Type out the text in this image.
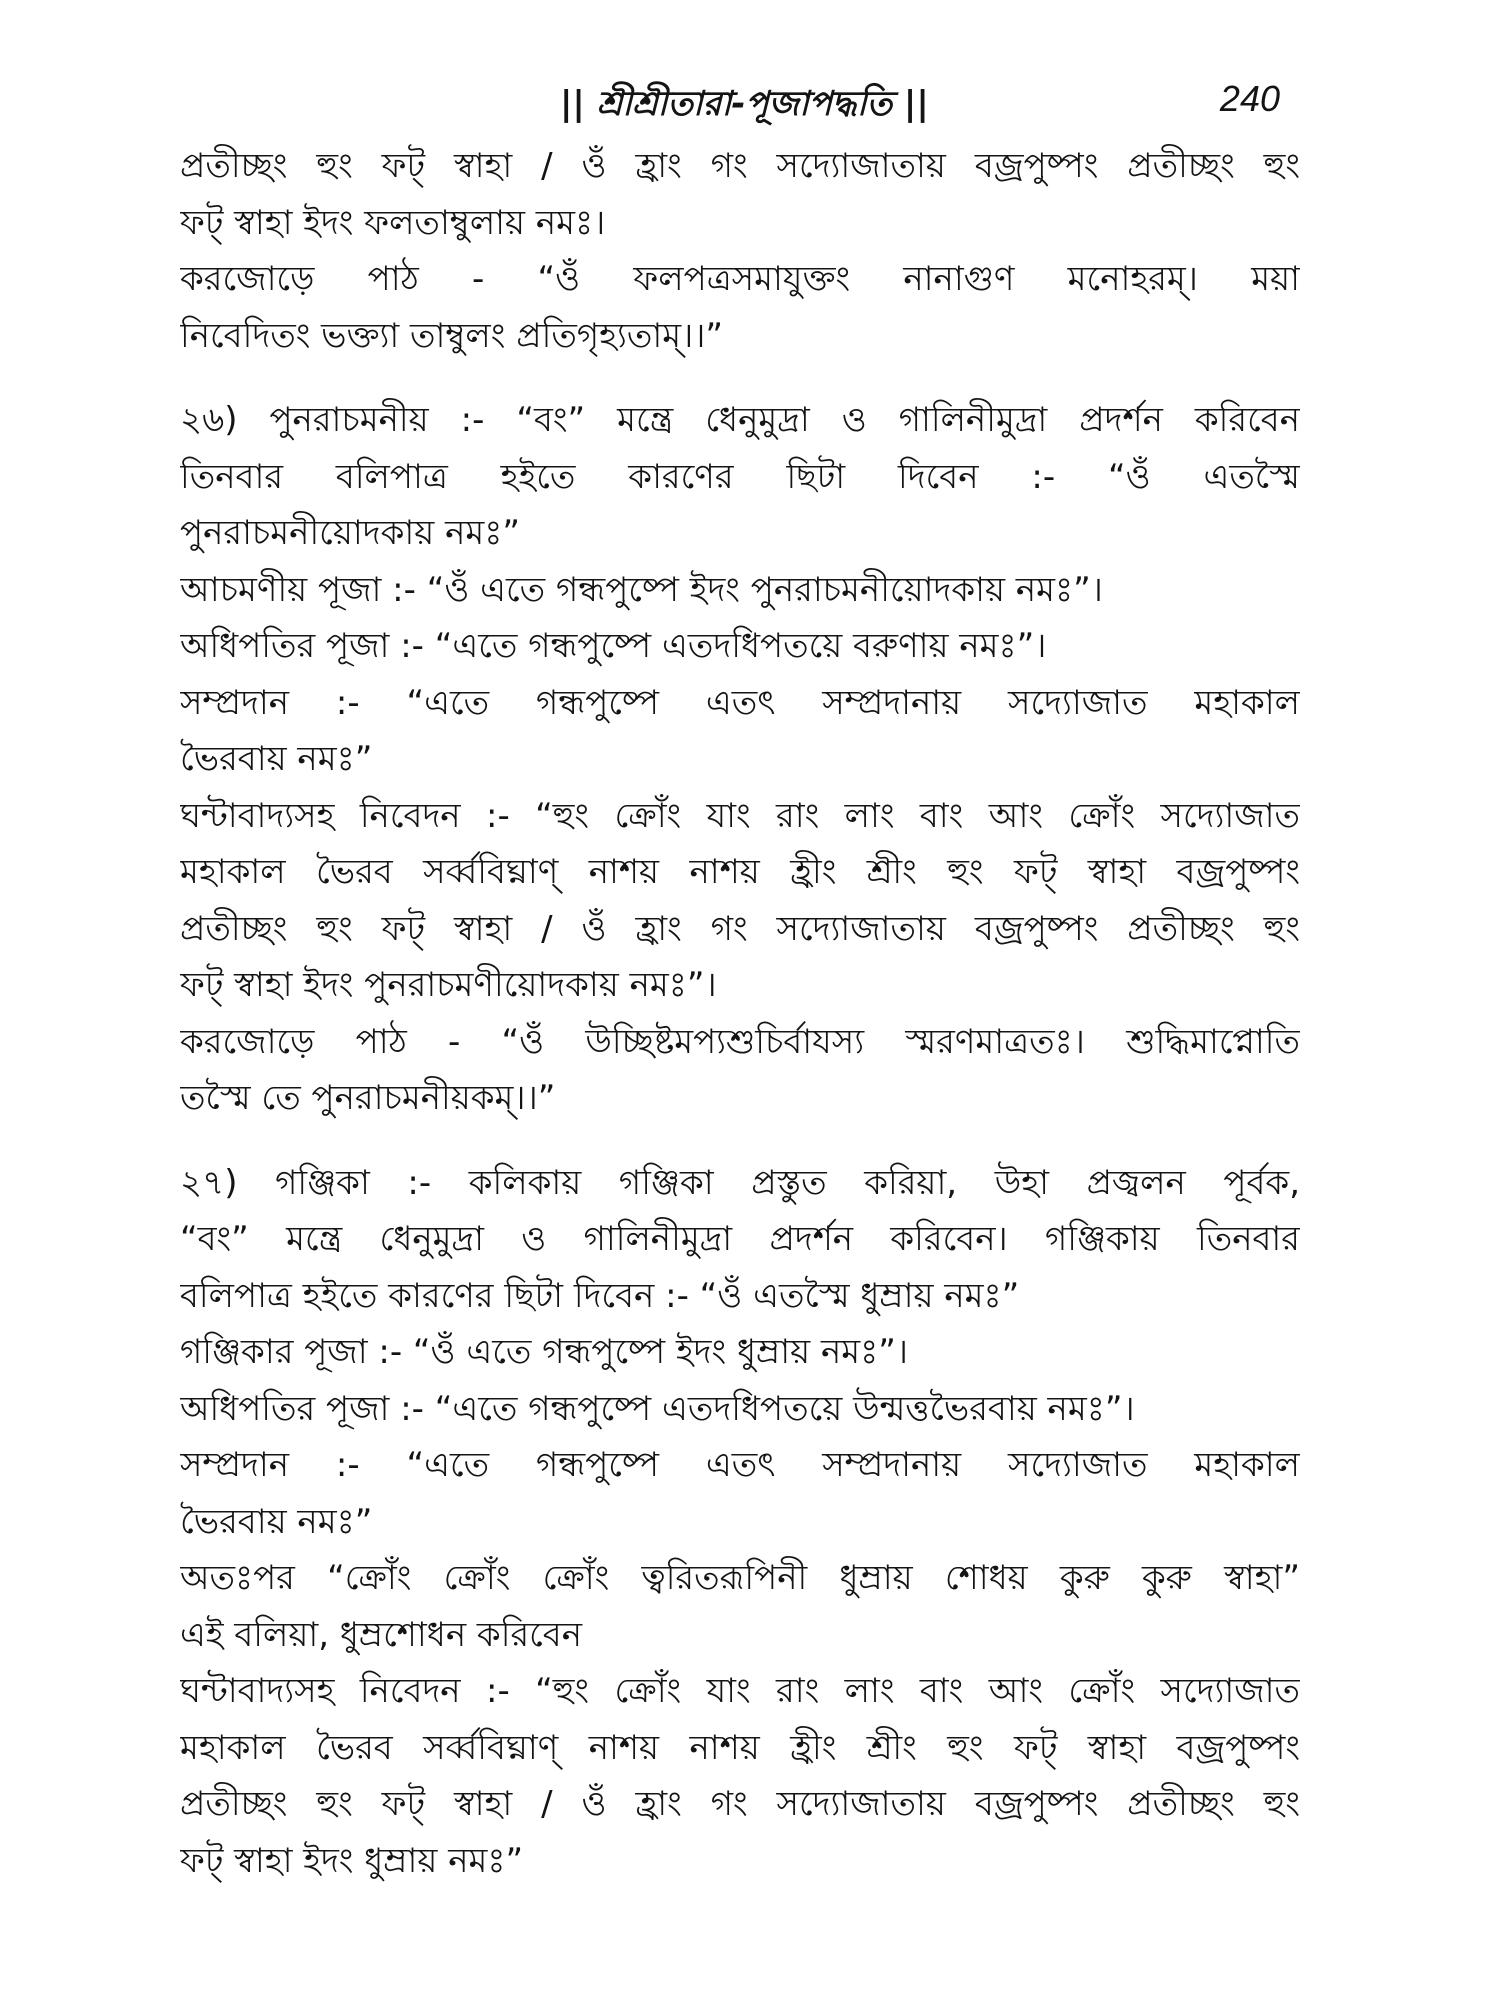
|| শ্রীশ্রীতারা-পূজাপদ্ধতি ||	240
প্রতীচ্ছং হুং ফট্ স্বাহা / ওঁ হ্রাং গং সদ্যোজাতায় বজ্রপুষ্পং প্রতীচ্ছং হুং
ফট্ স্বাহা ইদং ফলতাম্বুলায় নমঃ।
করজোড়ে পাঠ - “ওঁ ফলপত্রসমাযুক্তং নানাগুণ মনোহরম্। ময়া
নিবেদিতং ভক্ত্যা তাম্বুলং প্রতিগৃহ্যতাম্।।”
২৬) পুনরাচমনীয় :- “বং” মন্ত্রে ধেনুমুদ্রা ও গালিনীমুদ্রা প্রদর্শন করিবেন
তিনবার বলিপাত্র হইতে কারণের ছিটা দিবেন :- “ওঁ এতস্মৈ
পুনরাচমনীয়োদকায় নমঃ”
আচমণীয় পূজা :- “ওঁ এতে গন্ধপুষ্পে ইদং পুনরাচমনীয়োদকায় নমঃ”।
অধিপতির পূজা :- “এতে গন্ধপুষ্পে এতদধিপতয়ে বরুণায় নমঃ”।
সম্প্রদান :- “এতে গন্ধপুষ্পে এতৎ সম্প্রদানায় সদ্যোজাত মহাকাল
ভৈরবায় নমঃ”
ঘন্টাবাদ্যসহ নিবেদন :- “হুং ক্রোঁং যাং রাং লাং বাং আং ক্রোঁং সদ্যোজাত
মহাকাল ভৈরব সর্ব্ববিঘ্নাণ্ নাশয় নাশয় হ্রীং শ্রীং হুং ফট্ স্বাহা বজ্রপুষ্পং
প্রতীচ্ছং হুং ফট্ স্বাহা / ওঁ হ্রাং গং সদ্যোজাতায় বজ্রপুষ্পং প্রতীচ্ছং হুং
ফট্ স্বাহা ইদং পুনরাচমণীয়োদকায় নমঃ”।
করজোড়ে পাঠ - “ওঁ উচ্ছিষ্টমপ্যশুচির্বাযস্য স্মরণমাত্রতঃ। শুদ্ধিমাপ্নোতি
তস্মৈ তে পুনরাচমনীয়কম্।।”
২৭) গঞ্জিকা :- কলিকায় গঞ্জিকা প্রস্তুত করিয়া, উহা প্রজ্বলন পূর্বক,
“বং” মন্ত্রে ধেনুমুদ্রা ও গালিনীমুদ্রা প্রদর্শন করিবেন। গঞ্জিকায় তিনবার
বলিপাত্র হইতে কারণের ছিটা দিবেন :- “ওঁ এতস্মৈ ধুম্রায় নমঃ”
গঞ্জিকার পূজা :- “ওঁ এতে গন্ধপুষ্পে ইদং ধুম্রায় নমঃ”।
অধিপতির পূজা :- “এতে গন্ধপুষ্পে এতদধিপতয়ে উন্মত্তভৈরবায় নমঃ”।
সম্প্রদান :- “এতে গন্ধপুষ্পে এতৎ সম্প্রদানায় সদ্যোজাত মহাকাল
ভৈরবায় নমঃ”
অতঃপর “ক্রোঁং ক্রোঁং ক্রোঁং ত্বরিতরূপিনী ধুম্রায় শোধয় কুরু কুরু স্বাহা”
এই বলিয়া, ধুম্রশোধন করিবেন
ঘন্টাবাদ্যসহ নিবেদন :- “হুং ক্রোঁং যাং রাং লাং বাং আং ক্রোঁং সদ্যোজাত
মহাকাল ভৈরব সর্ব্ববিঘ্নাণ্ নাশয় নাশয় হ্রীং শ্রীং হুং ফট্ স্বাহা বজ্রপুষ্পং
প্রতীচ্ছং হুং ফট্ স্বাহা / ওঁ হ্রাং গং সদ্যোজাতায় বজ্রপুষ্পং প্রতীচ্ছং হুং
ফট্ স্বাহা ইদং ধুম্রায় নমঃ”
